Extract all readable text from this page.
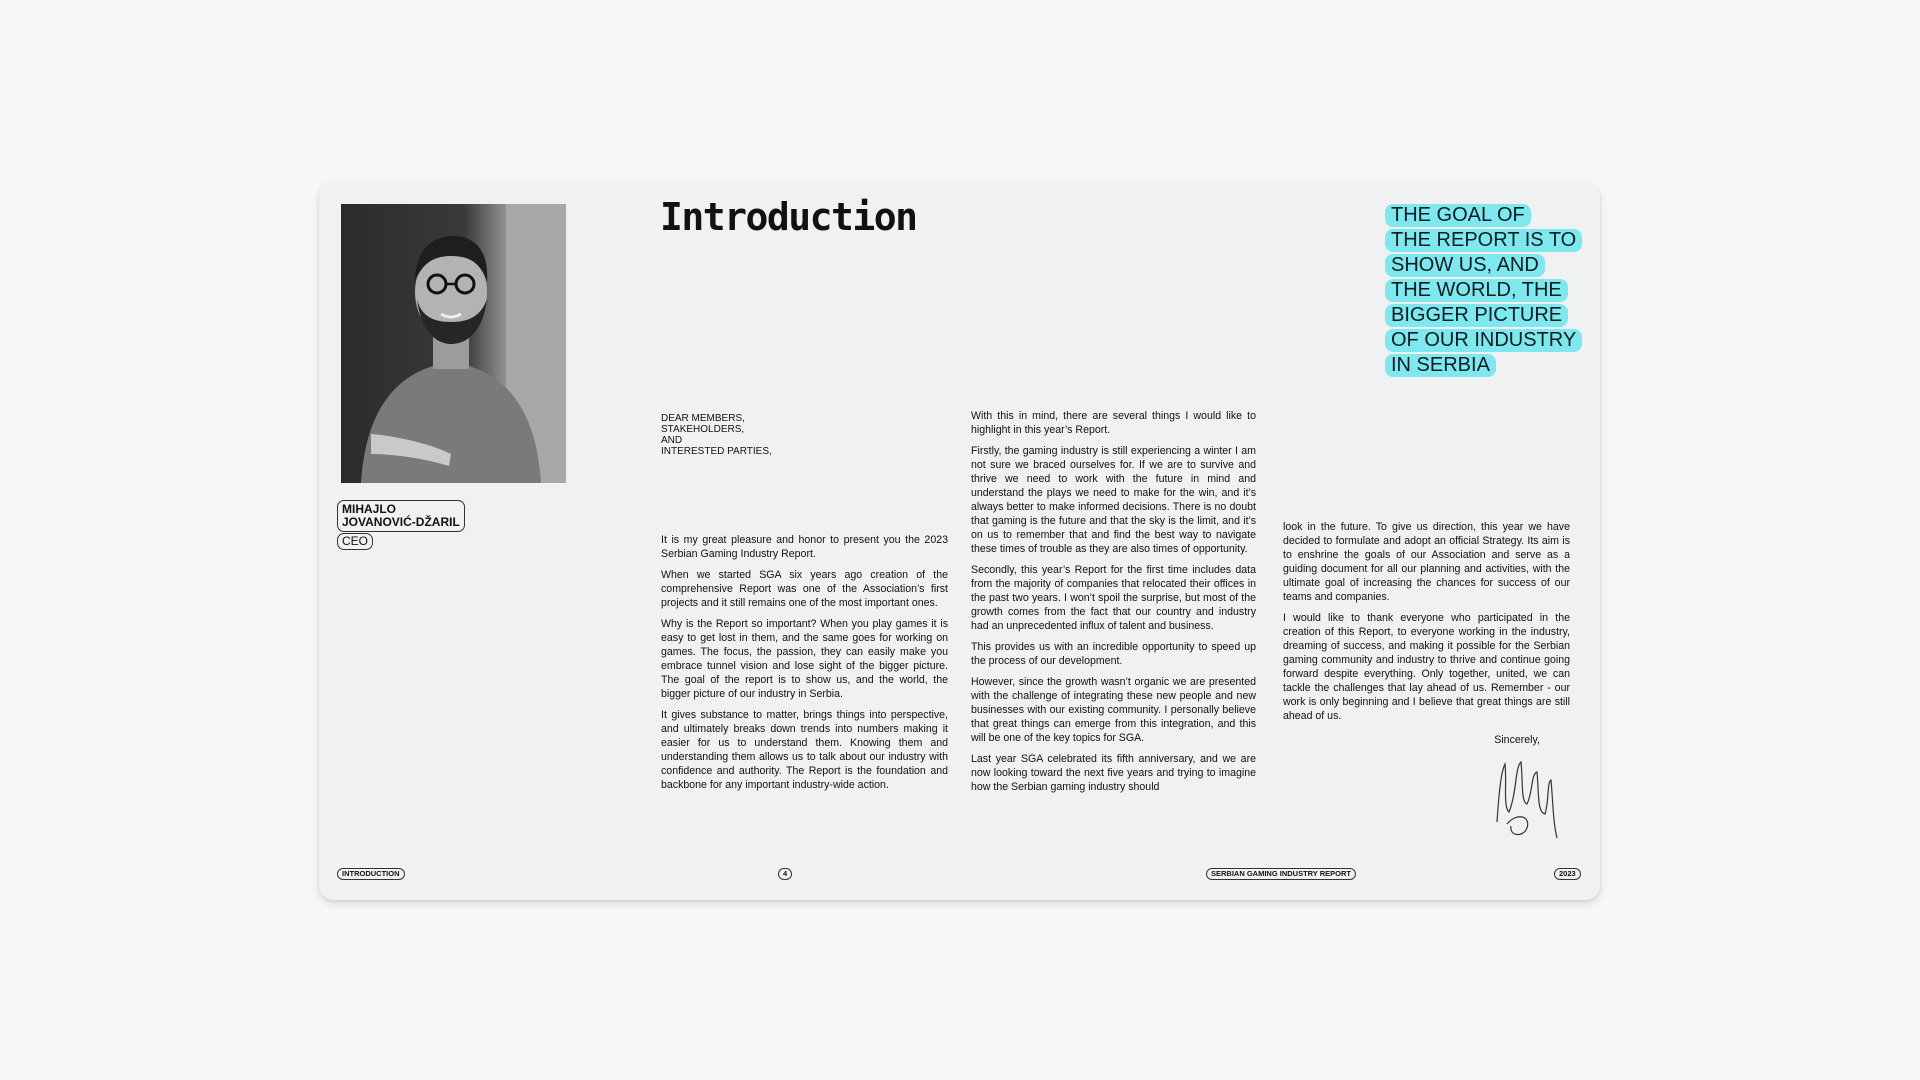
MIHAJLO
JOVANOVIĆ-DŽARIL

CEO
Introduction	THE GOAL OF
THE REPORT IS TO
SHOW US, AND
THE WORLD, THE
BIGGER PICTURE
OF OUR INDUSTRY
IN SERBIA
DEAR MEMBERS,
STAKEHOLDERS,
AND
INTERESTED PARTIES,

It is my great pleasure and honor to present you the 2023 Serbian Gaming Industry Report.

When we started SGA six years ago creation of the comprehensive Report was one of the Association’s first projects and it still remains one of the most important ones.

Why is the Report so important? When you play games it is easy to get lost in them, and the same goes for working on games. The focus, the passion, they can easily make you embrace tunnel vision and lose sight of the bigger picture. The goal of the report is to show us, and the world, the bigger picture of our industry in Serbia.

It gives substance to matter, brings things into perspective, and ultimately breaks down trends into numbers making it easier for us to understand them. Knowing them and understanding them allows us to talk about our industry with confidence and authority. The Report is the foundation and backbone for any important industry-wide action.

With this in mind, there are several things I would like to highlight in this year’s Report.

Firstly, the gaming industry is still experiencing a winter I am not sure we braced ourselves for. If we are to survive and thrive we need to work with the future in mind and understand the plays we need to make for the win, and it’s always better to make informed decisions. There is no doubt that gaming is the future and that the sky is the limit, and it’s on us to remember that and find the best way to navigate these times of trouble as they are also times of opportunity.

Secondly, this year’s Report for the first time includes data from the majority of companies that relocated their offices in the past two years. I won’t spoil the surprise, but most of the growth comes from the fact that our country and industry had an unprecedented influx of talent and business.

This provides us with an incredible opportunity to speed up the process of our development.

However, since the growth wasn’t organic we are presented with the challenge of integrating these new people and new businesses with our existing community. I personally believe that great things can emerge from this integration, and this will be one of the key topics for SGA.

Last year SGA celebrated its fifth anniversary, and we are now looking toward the next five years and trying to imagine how the Serbian gaming industry should

look in the future. To give us direction, this year we have decided to formulate and adopt an official Strategy. Its aim is to enshrine the goals of our Association and serve as a guiding document for all our planning and activities, with the ultimate goal of increasing the chances for success of our teams and companies.

I would like to thank everyone who participated in the creation of this Report, to everyone working in the industry, dreaming of success, and making it possible for the Serbian gaming community and industry to thrive and continue going forward despite everything. Only together, united, we can tackle the challenges that lay ahead of us. Remember - our work is only beginning and I believe that great things are still ahead of us.

Sincerely,

INTRODUCTION	4	SERBIAN GAMING INDUSTRY REPORT	2023
